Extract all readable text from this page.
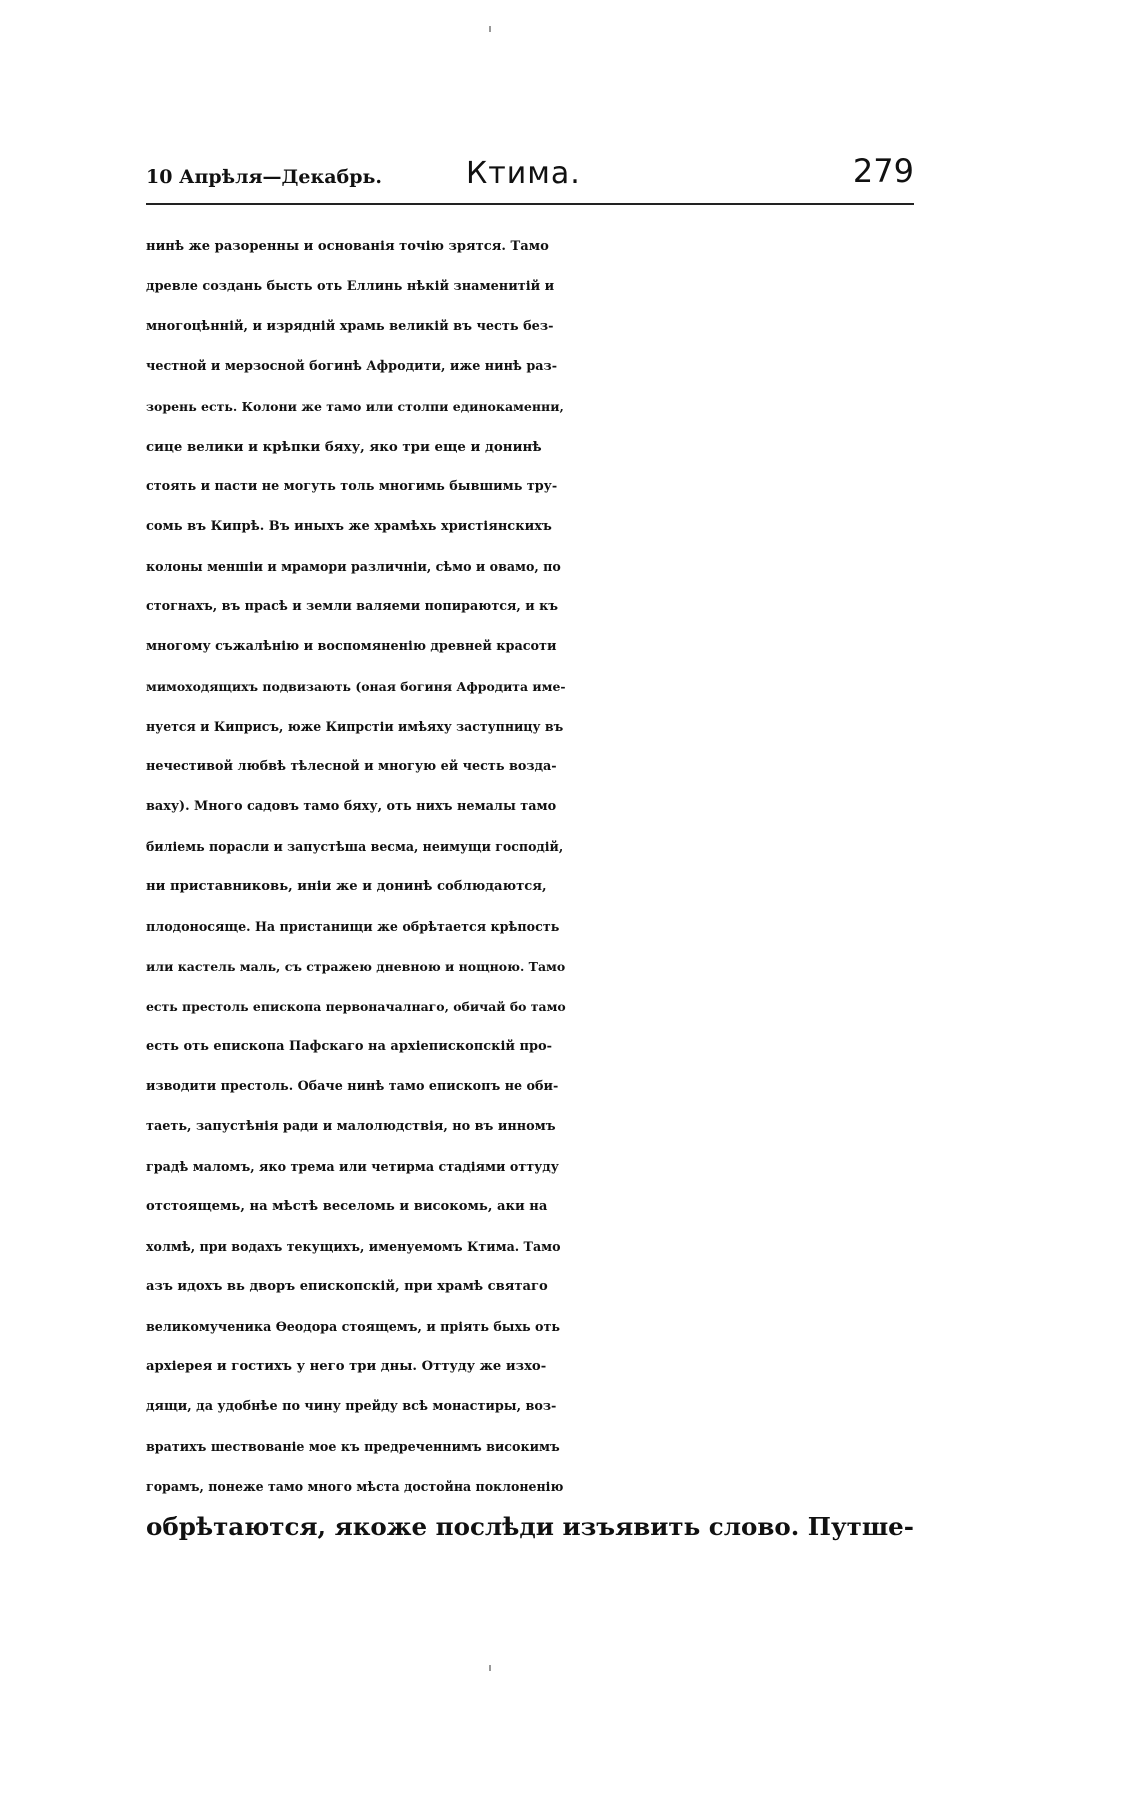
10 Апрѣля—Декабрь.	Ктима.	279
нинѣ же разоренны и основанія точію зрятся. Тамо
древле создань бысть оть Еллинь нѣкій знаменитій и
многоцѣнній, и изрядній храмь великій въ честь без-
честной и мерзосной богинѣ Афродити, иже нинѣ раз-
зорень есть. Колони же тамо или столпи единокаменни,
сице велики и крѣпки бяху, яко три еще и донинѣ
стоять и пасти не могуть толь многимь бывшимь тру-
сомь въ Кипрѣ. Въ иныхъ же храмѣхь христіянскихъ
колоны меншіи и мрамори различніи, сѣмо и овамо, по
стогнахъ, въ прасѣ и земли валяеми попираются, и къ
многому съжалѣнію и воспомяненію древней красоти
мимоходящихъ подвизають (оная богиня Афродита име-
нуется и Киприсъ, юже Кипрстіи имѣяху заступницу въ
нечестивой любвѣ тѣлесной и многую ей честь возда-
ваху). Много садовъ тамо бяху, оть нихъ немалы тамо
биліемь порасли и запустѣша весма, неимущи господій,
ни приставниковь, иніи же и донинѣ соблюдаются,
плодоносяще. На пристанищи же обрѣтается крѣпость
или кастель маль, съ стражею дневною и нощною. Тамо
есть престоль епископа первоначалнаго, обичай бо тамо
есть оть епископа Пафскаго на архіепископскій про-
изводити престоль. Обаче нинѣ тамо епископъ не оби-
таеть, запустѣнія ради и малолюдствія, но въ инномъ
градѣ маломъ, яко трема или четирма стадіями оттуду
отстоящемь, на мѣстѣ веселомь и високомь, аки на
холмѣ, при водахъ текущихъ, именуемомъ Ктима. Тамо
азъ идохъ вь дворъ епископскій, при храмѣ святаго
великомученика Өеодора стоящемъ, и пріять быхь оть
архіерея и гостихъ у него три дны. Оттуду же изхо-
дящи, да удобнѣе по чину прейду всѣ монастиры, воз-
вратихъ шествованіе мое къ предреченнимъ високимъ
горамъ, понеже тамо много мѣста достойна поклоненію
обрѣтаются, якоже послѣди изъявить слово. Путше-
